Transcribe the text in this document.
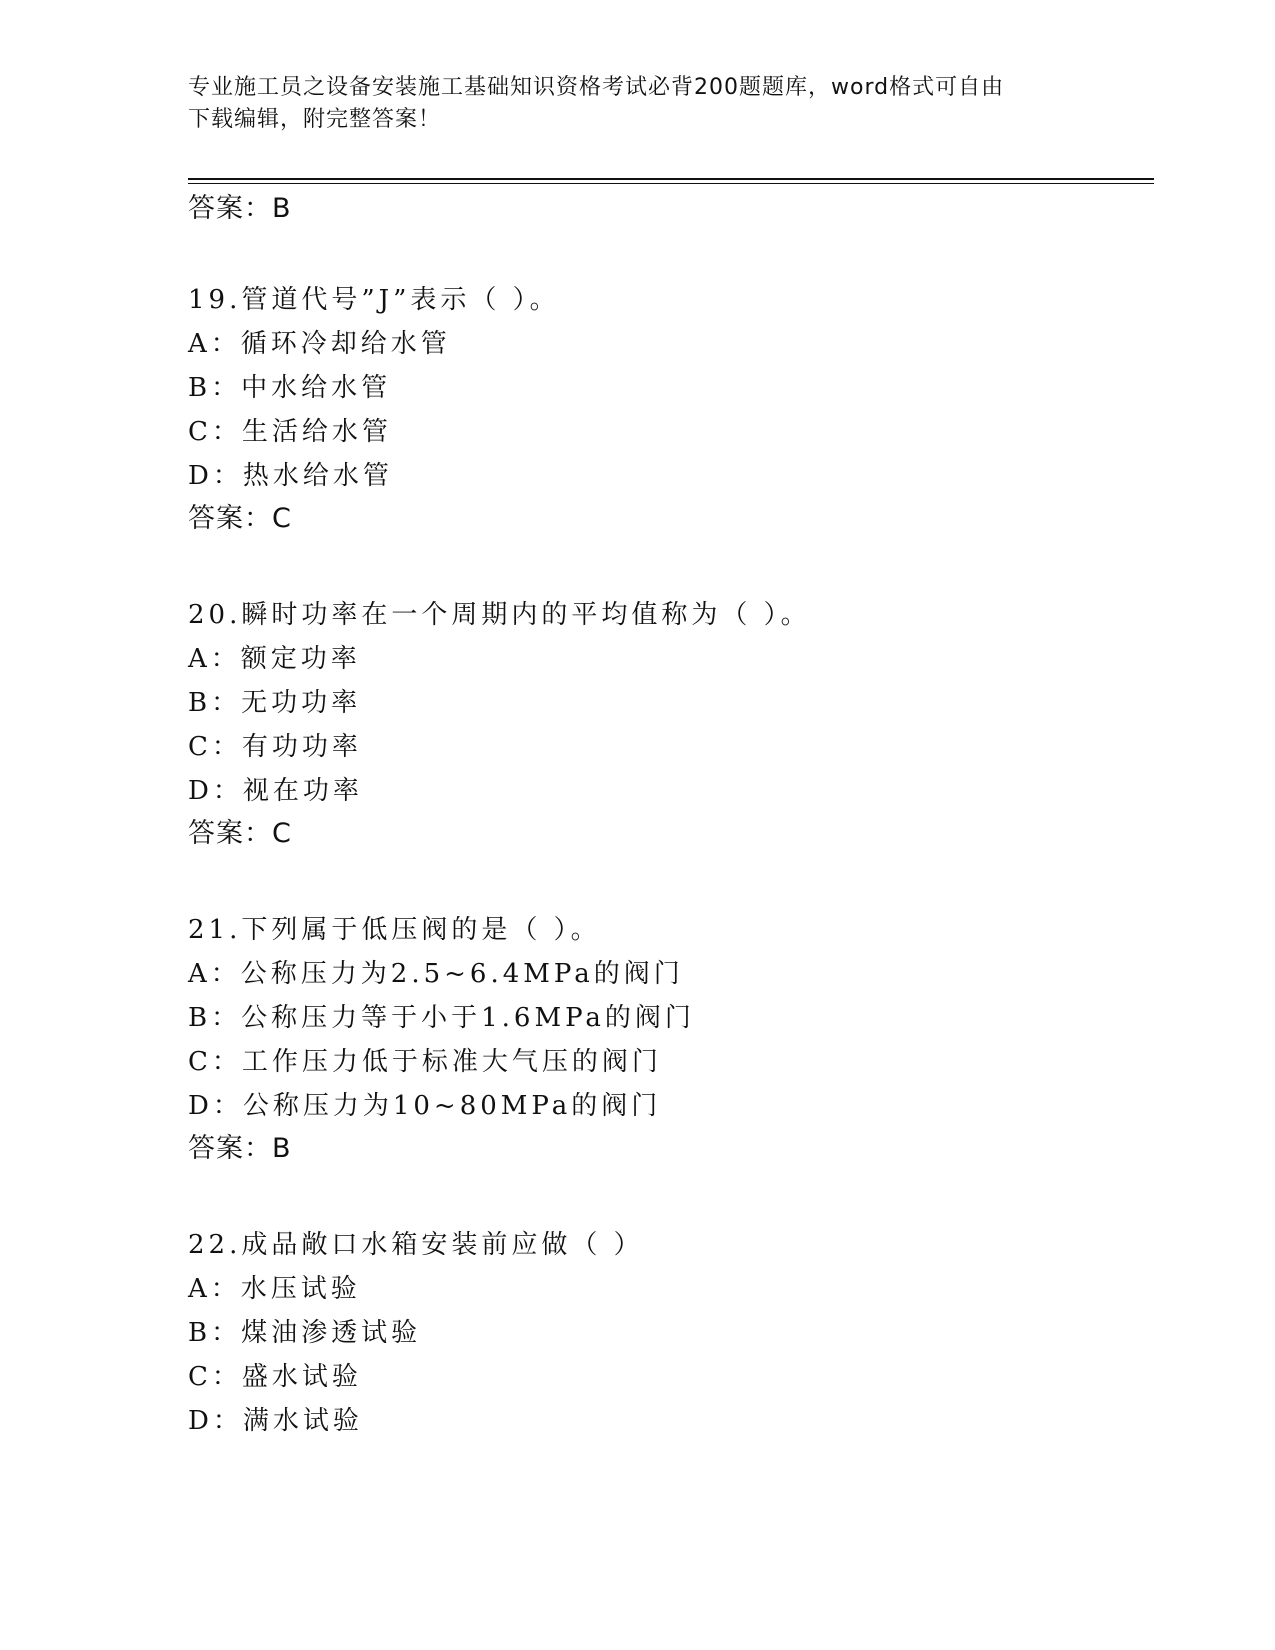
专业施工员之设备安装施工基础知识资格考试必背200题题库，word格式可自由
下载编辑，附完整答案！
答案：B
19.管道代号”J”表示（ ）。
A：循环冷却给水管
B：中水给水管
C：生活给水管
D：热水给水管
答案：C
20.瞬时功率在一个周期内的平均值称为（ ）。
A：额定功率
B：无功功率
C：有功功率
D：视在功率
答案：C
21.下列属于低压阀的是（ ）。
A：公称压力为2.5~6.4MPa的阀门
B：公称压力等于小于1.6MPa的阀门
C：工作压力低于标准大气压的阀门
D：公称压力为10~80MPa的阀门
答案：B
22.成品敞口水箱安装前应做（ ）
A：水压试验
B：煤油渗透试验
C：盛水试验
D：满水试验
